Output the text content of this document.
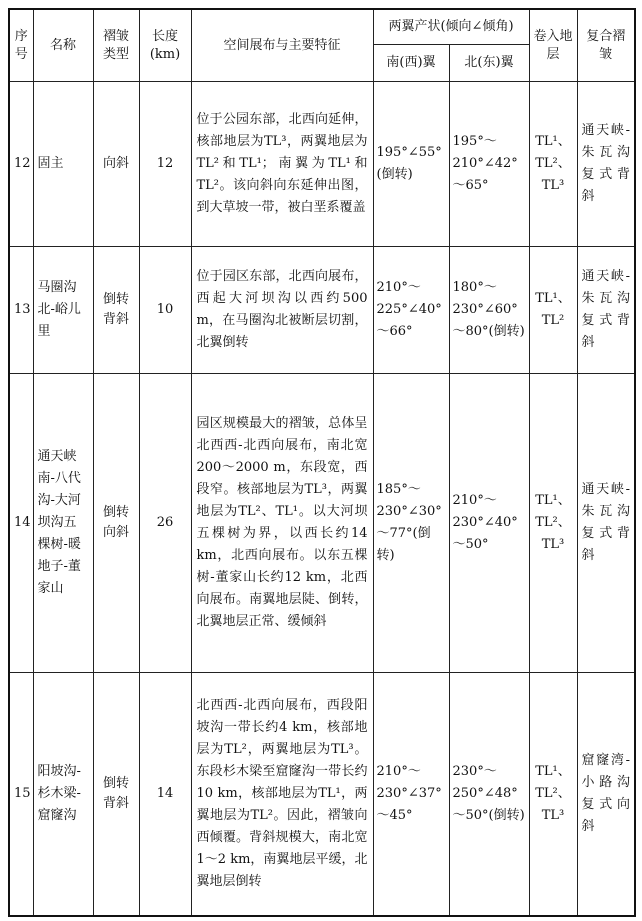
序号	名称	褶皱类型	长度(km)	空间展布与主要特征	两翼产状(倾向∠倾角)		卷入地层	复合褶皱
					南(西)翼	北(东)翼		
12	固主	向斜	12	位于公园东部，北西向延伸，核部地层为TL³，两翼地层为TL²和TL¹；南翼为TL¹和TL²。该向斜向东延伸出图，到大草坡一带，被白垩系覆盖	195°∠55°(倒转)	195°～210°∠42°～65°	TL¹、TL²、TL³	通天峡-朱瓦沟复式背斜
13	马圈沟北-峪儿里	倒转背斜	10	位于园区东部，北西向展布，西起大河坝沟以西约500 m，在马圈沟北被断层切割，北翼倒转	210°～225°∠40°～66°	180°～230°∠60°～80°(倒转)	TL¹、TL²	通天峡-朱瓦沟复式背斜
14	通天峡南-八代沟-大河坝沟五棵树-暖地子-董家山	倒转向斜	26	园区规模最大的褶皱，总体呈北西西-北西向展布，南北宽200～2000 m，东段宽，西段窄。核部地层为TL³，两翼地层为TL²、TL¹。以大河坝五棵树为界，以西长约14 km，北西向展布。以东五棵树-董家山长约12 km，北西向展布。南翼地层陡、倒转，北翼地层正常、缓倾斜	185°～230°∠30°～77°(倒转)	210°～230°∠40°～50°	TL¹、TL²、TL³	通天峡-朱瓦沟复式背斜
15	阳坡沟-杉木梁-窟窿沟	倒转背斜	14	北西西-北西向展布，西段阳坡沟一带长约4 km，核部地层为TL²，两翼地层为TL³。东段杉木梁至窟窿沟一带长约10 km，核部地层为TL¹，两翼地层为TL²。因此，褶皱向西倾覆。背斜规模大，南北宽1～2 km，南翼地层平缓，北翼地层倒转	210°～230°∠37°～45°	230°～250°∠48°～50°(倒转)	TL¹、TL²、TL³	窟窿湾-小路沟复式向斜
